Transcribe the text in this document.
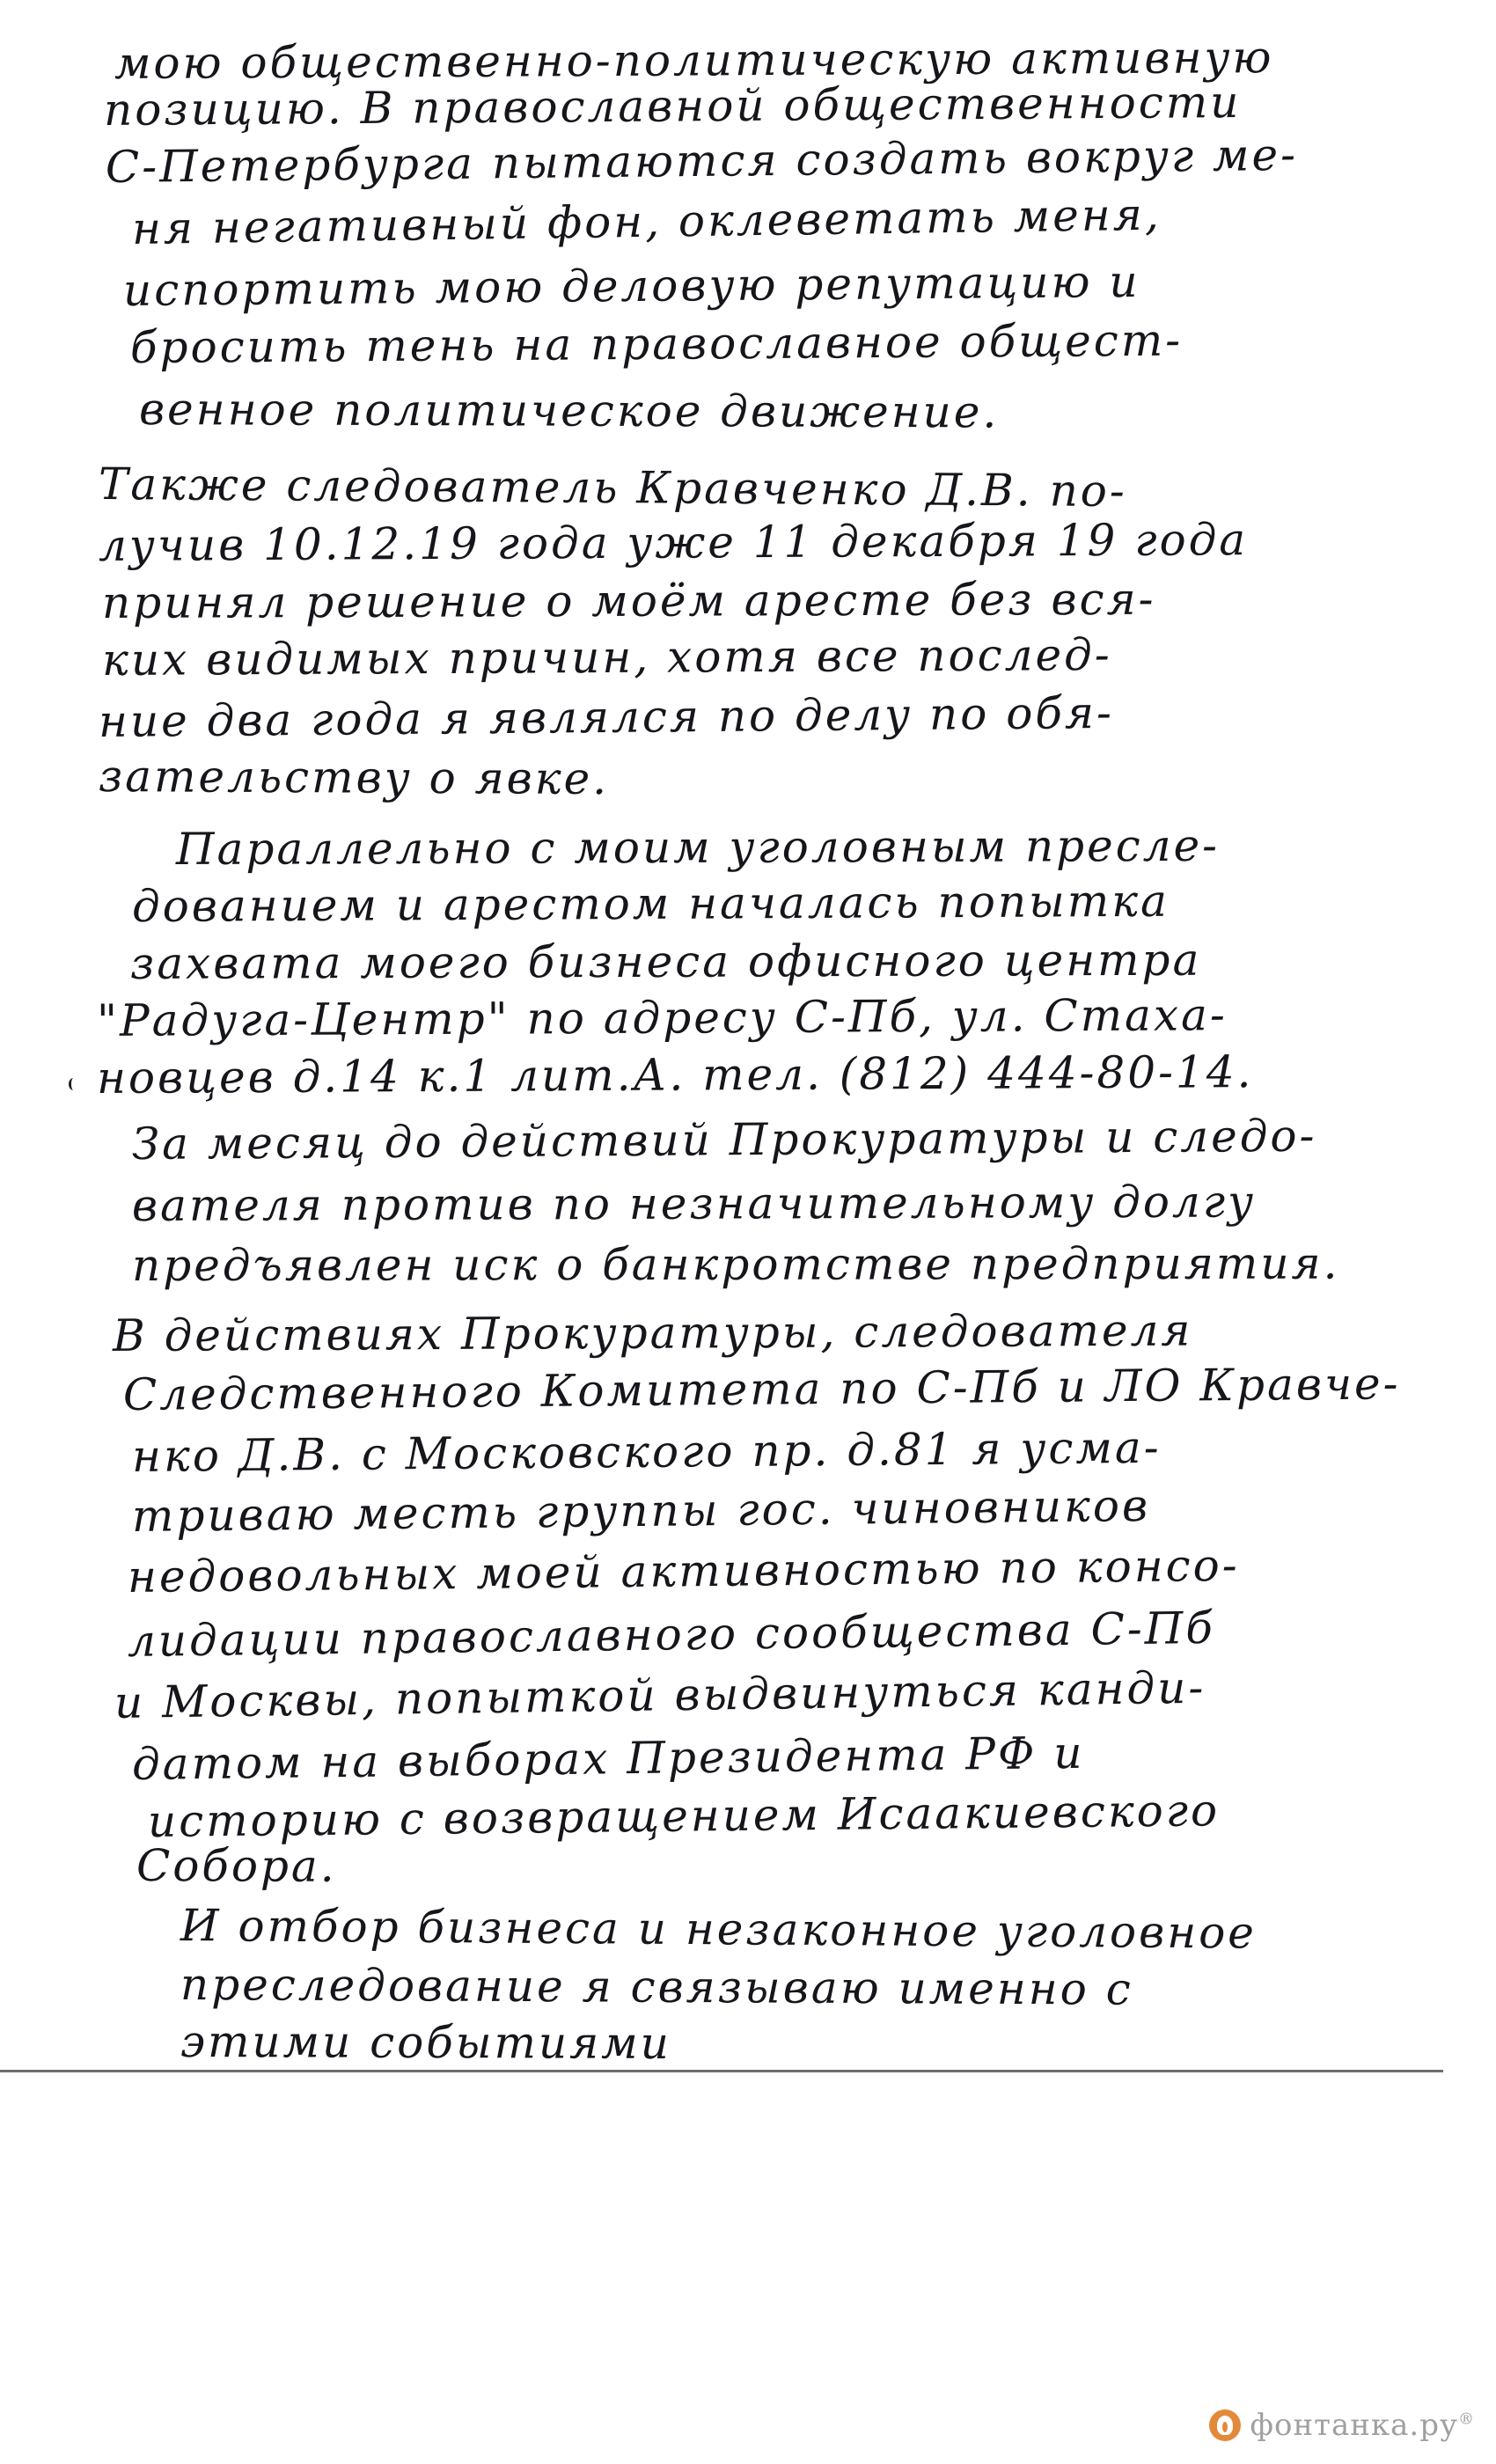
мою общественно-политическую активную
позицию. В православной общественности
С-Петербурга пытаются создать вокруг ме-
ня негативный фон, оклеветать меня,
испортить мою деловую репутацию и
бросить тень на православное общест-
венное политическое движение.
Также следователь Кравченко Д.В. по-
лучив 10.12.19 года уже 11 декабря 19 года
принял решение о моём аресте без вся-
ких видимых причин, хотя все послед-
ние два года я являлся по делу по обя-
зательству о явке.
Параллельно с моим уголовным пресле-
дованием и арестом началась попытка
захвата моего бизнеса офисного центра
"Радуга-Центр" по адресу С-Пб, ул. Стаха-
новцев д.14 к.1 лит.А. тел. (812) 444-80-14.
За месяц до действий Прокуратуры и следо-
вателя против по незначительному долгу
предъявлен иск о банкротстве предприятия.
В действиях Прокуратуры, следователя
Следственного Комитета по С-Пб и ЛО Кравче-
нко Д.В. с Московского пр. д.81 я усма-
триваю месть группы гос. чиновников
недовольных моей активностью по консо-
лидации православного сообщества С-Пб
и Москвы, попыткой выдвинуться канди-
датом на выборах Президента РФ и
историю с возвращением Исаакиевского
Собора.
И отбор бизнеса и незаконное уголовное
преследование я связываю именно с
этими событиями
фонтанка.ру®
